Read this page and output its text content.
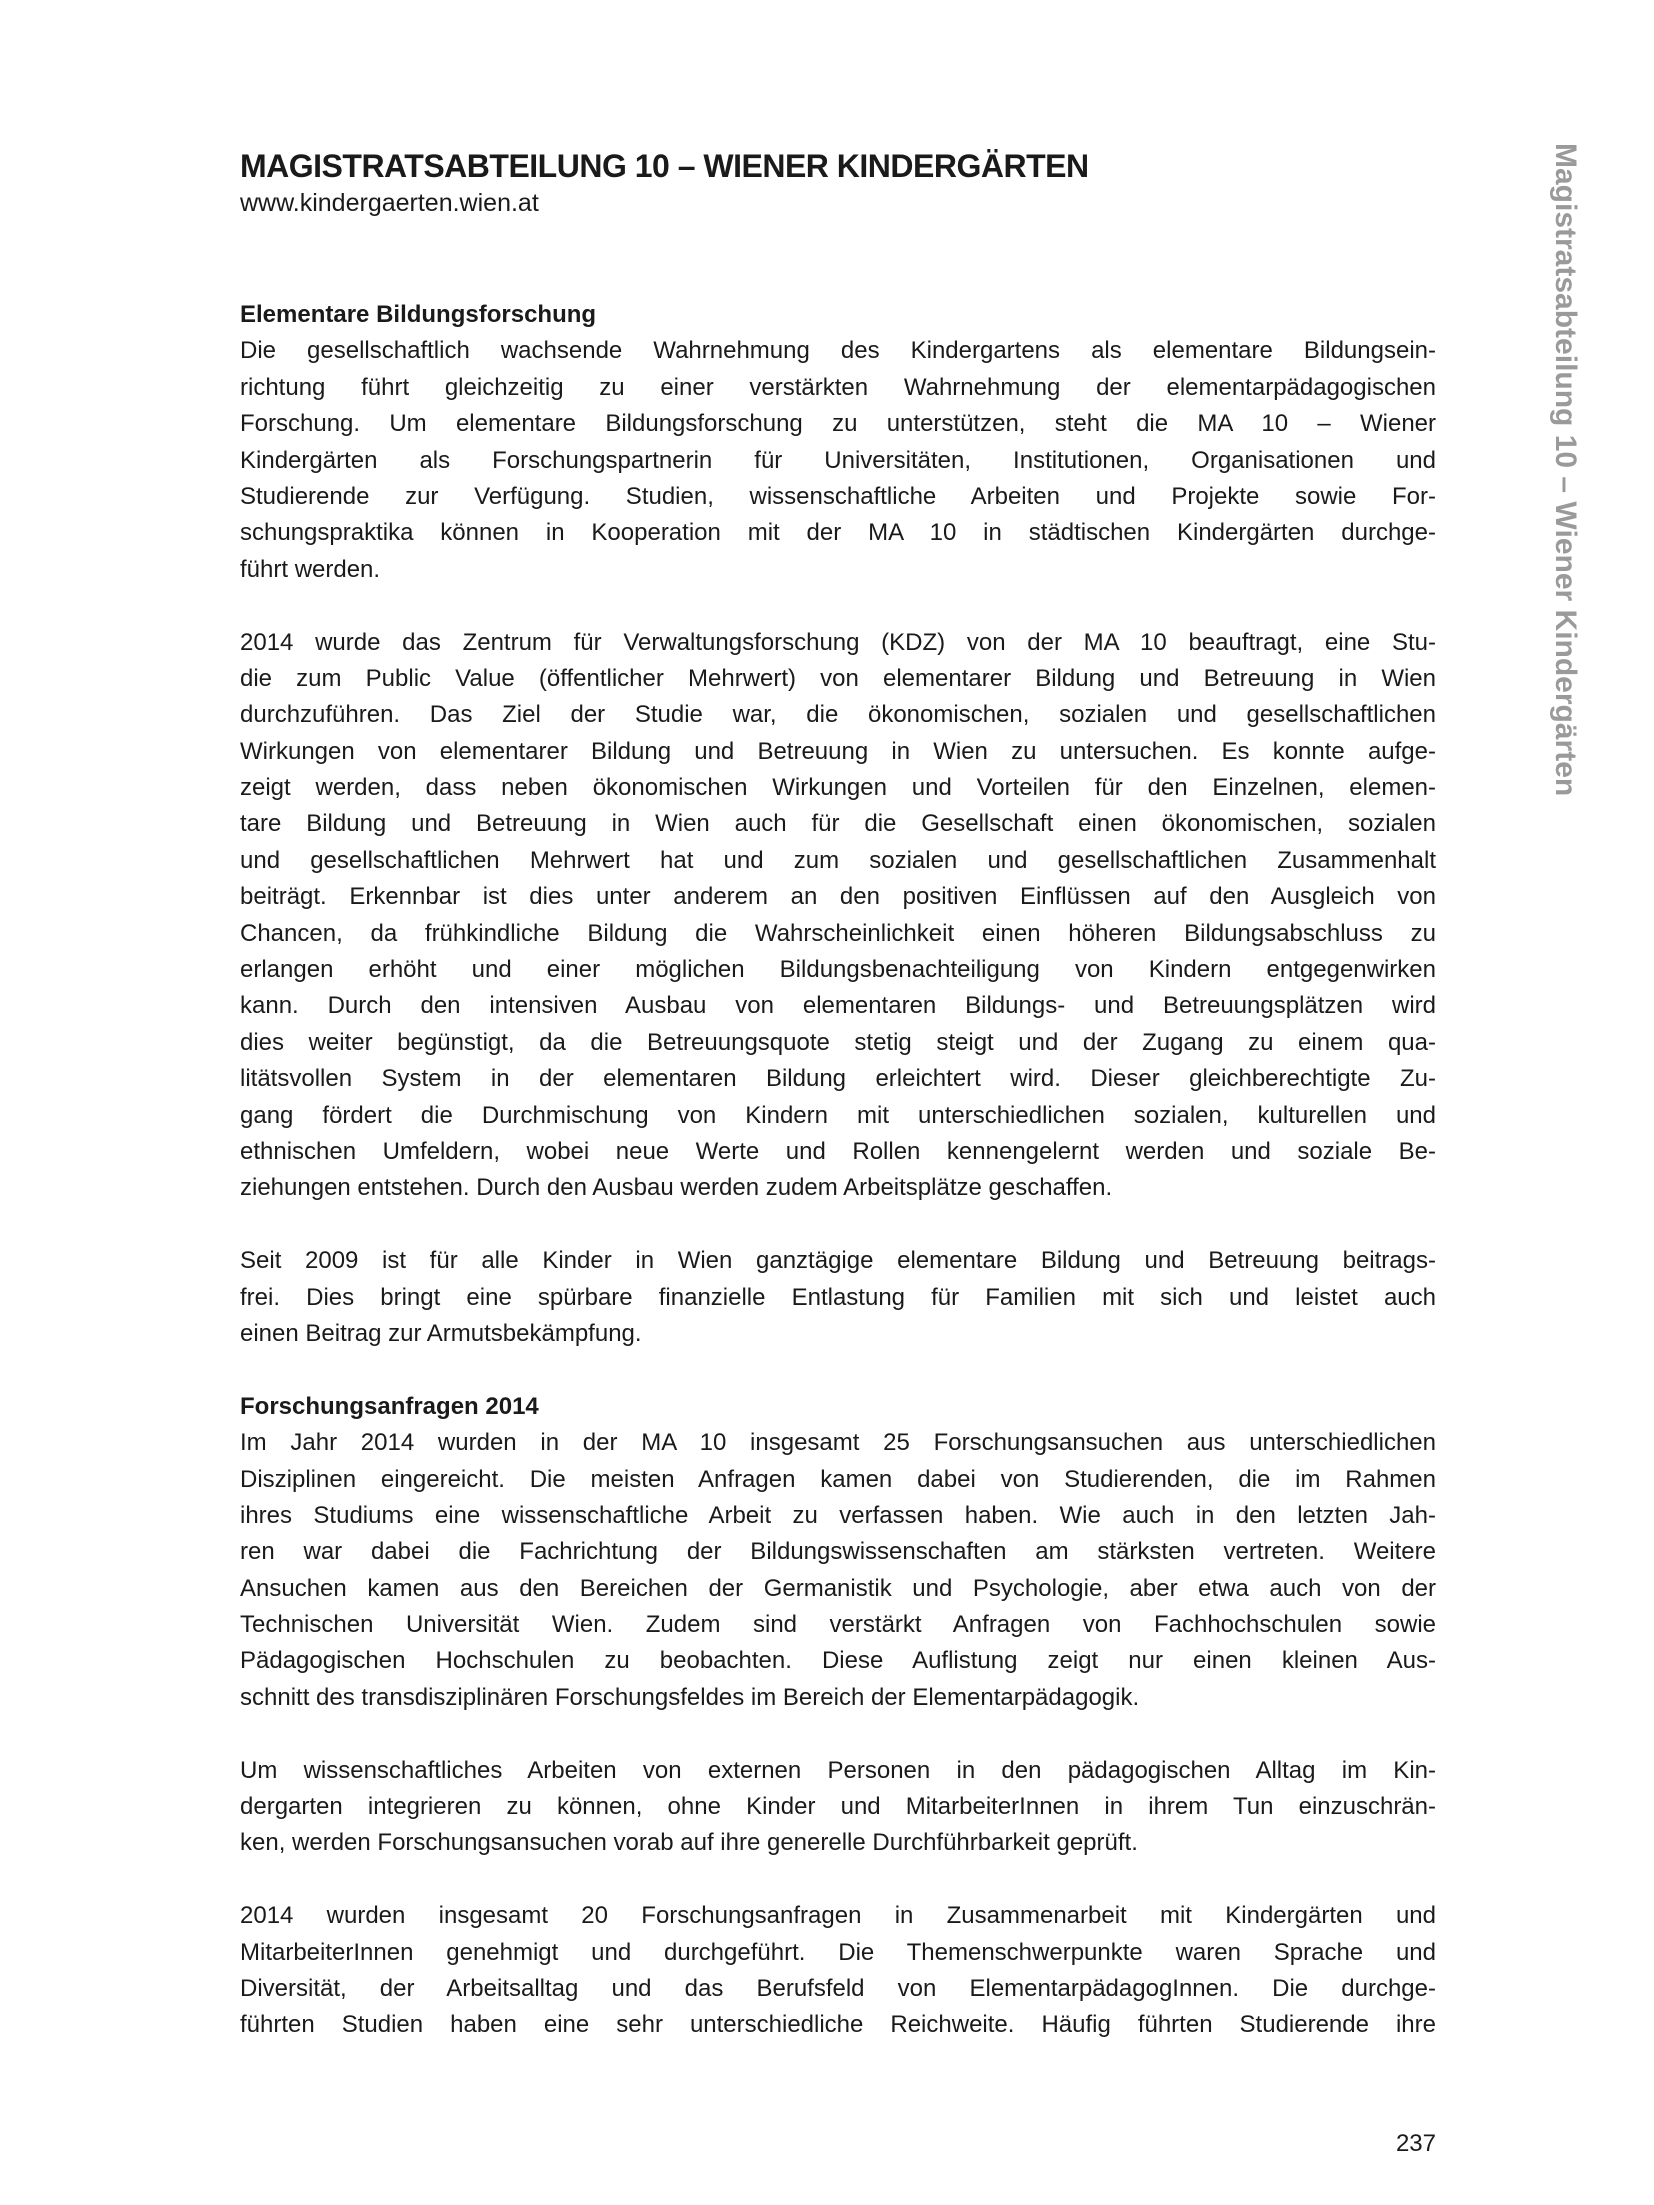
MAGISTRATSABTEILUNG 10 – WIENER KINDERGÄRTEN
www.kindergaerten.wien.at	Magistratsabteilung 10 – Wiener Kindergärten
Elementare Bildungsforschung
Die gesellschaftlich wachsende Wahrnehmung des Kindergartens als elementare Bildungsein-
richtung führt gleichzeitig zu einer verstärkten Wahrnehmung der elementarpädagogischen
Forschung. Um elementare Bildungsforschung zu unterstützen, steht die MA 10 – Wiener
Kindergärten als Forschungspartnerin für Universitäten, Institutionen, Organisationen und
Studierende zur Verfügung. Studien, wissenschaftliche Arbeiten und Projekte sowie For-
schungspraktika können in Kooperation mit der MA 10 in städtischen Kindergärten durchge-
führt werden.
2014 wurde das Zentrum für Verwaltungsforschung (KDZ) von der MA 10 beauftragt, eine Stu-
die zum Public Value (öffentlicher Mehrwert) von elementarer Bildung und Betreuung in Wien
durchzuführen. Das Ziel der Studie war, die ökonomischen, sozialen und gesellschaftlichen
Wirkungen von elementarer Bildung und Betreuung in Wien zu untersuchen. Es konnte aufge-
zeigt werden, dass neben ökonomischen Wirkungen und Vorteilen für den Einzelnen, elemen-
tare Bildung und Betreuung in Wien auch für die Gesellschaft einen ökonomischen, sozialen
und gesellschaftlichen Mehrwert hat und zum sozialen und gesellschaftlichen Zusammenhalt
beiträgt. Erkennbar ist dies unter anderem an den positiven Einflüssen auf den Ausgleich von
Chancen, da frühkindliche Bildung die Wahrscheinlichkeit einen höheren Bildungsabschluss zu
erlangen erhöht und einer möglichen Bildungsbenachteiligung von Kindern entgegenwirken
kann. Durch den intensiven Ausbau von elementaren Bildungs- und Betreuungsplätzen wird
dies weiter begünstigt, da die Betreuungsquote stetig steigt und der Zugang zu einem qua-
litätsvollen System in der elementaren Bildung erleichtert wird. Dieser gleichberechtigte Zu-
gang fördert die Durchmischung von Kindern mit unterschiedlichen sozialen, kulturellen und
ethnischen Umfeldern, wobei neue Werte und Rollen kennengelernt werden und soziale Be-
ziehungen entstehen. Durch den Ausbau werden zudem Arbeitsplätze geschaffen.
Seit 2009 ist für alle Kinder in Wien ganztägige elementare Bildung und Betreuung beitrags-
frei. Dies bringt eine spürbare finanzielle Entlastung für Familien mit sich und leistet auch
einen Beitrag zur Armutsbekämpfung.
Forschungsanfragen 2014
Im Jahr 2014 wurden in der MA 10 insgesamt 25 Forschungsansuchen aus unterschiedlichen
Disziplinen eingereicht. Die meisten Anfragen kamen dabei von Studierenden, die im Rahmen
ihres Studiums eine wissenschaftliche Arbeit zu verfassen haben. Wie auch in den letzten Jah-
ren war dabei die Fachrichtung der Bildungswissenschaften am stärksten vertreten. Weitere
Ansuchen kamen aus den Bereichen der Germanistik und Psychologie, aber etwa auch von der
Technischen Universität Wien. Zudem sind verstärkt Anfragen von Fachhochschulen sowie
Pädagogischen Hochschulen zu beobachten. Diese Auflistung zeigt nur einen kleinen Aus-
schnitt des transdisziplinären Forschungsfeldes im Bereich der Elementarpädagogik.
Um wissenschaftliches Arbeiten von externen Personen in den pädagogischen Alltag im Kin-
dergarten integrieren zu können, ohne Kinder und MitarbeiterInnen in ihrem Tun einzuschrän-
ken, werden Forschungsansuchen vorab auf ihre generelle Durchführbarkeit geprüft.
2014 wurden insgesamt 20 Forschungsanfragen in Zusammenarbeit mit Kindergärten und
MitarbeiterInnen genehmigt und durchgeführt. Die Themenschwerpunkte waren Sprache und
Diversität, der Arbeitsalltag und das Berufsfeld von ElementarpädagogInnen. Die durchge-
führten Studien haben eine sehr unterschiedliche Reichweite. Häufig führten Studierende ihre
237
